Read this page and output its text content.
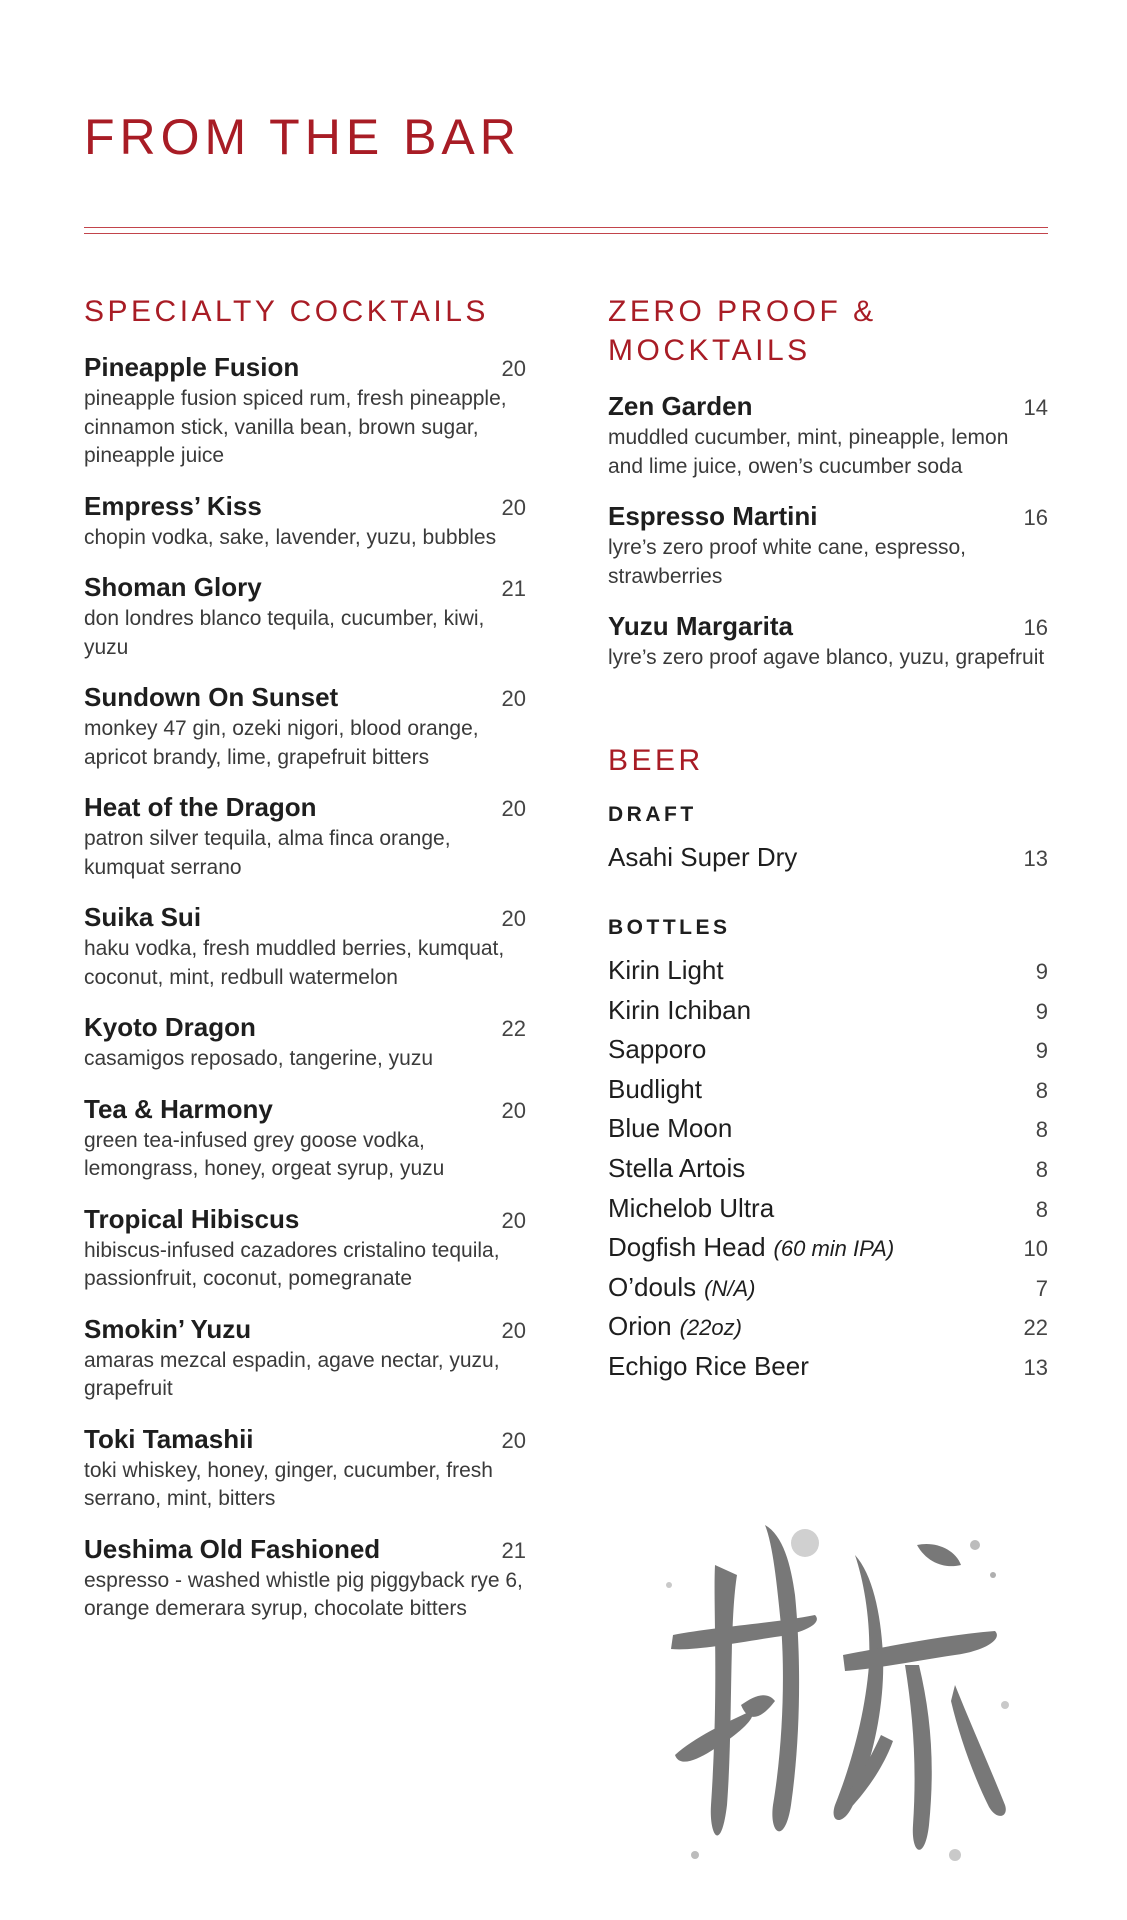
FROM THE BAR
SPECIALTY COCKTAILS
Pineapple Fusion	20
pineapple fusion spiced rum, fresh pineapple, cinnamon stick, vanilla bean, brown sugar, pineapple juice
Empress’ Kiss	20
chopin vodka, sake, lavender, yuzu, bubbles
Shoman Glory	21
don londres blanco tequila, cucumber, kiwi, yuzu
Sundown On Sunset	20
monkey 47 gin, ozeki nigori, blood orange, apricot brandy, lime, grapefruit bitters
Heat of the Dragon	20
patron silver tequila, alma finca orange, kumquat serrano
Suika Sui	20
haku vodka, fresh muddled berries, kumquat, coconut, mint, redbull watermelon
Kyoto Dragon	22
casamigos reposado, tangerine, yuzu
Tea & Harmony	20
green tea-infused grey goose vodka, lemongrass, honey, orgeat syrup, yuzu
Tropical Hibiscus	20
hibiscus-infused cazadores cristalino tequila, passionfruit, coconut, pomegranate
Smokin’ Yuzu	20
amaras mezcal espadin, agave nectar, yuzu, grapefruit
Toki Tamashii	20
toki whiskey, honey, ginger, cucumber, fresh serrano, mint, bitters
Ueshima Old Fashioned	21
espresso - washed whistle pig piggyback rye 6, orange demerara syrup, chocolate bitters
ZERO PROOF & MOCKTAILS
Zen Garden	14
muddled cucumber, mint, pineapple, lemon and lime juice, owen’s cucumber soda
Espresso Martini	16
lyre’s zero proof white cane, espresso, strawberries
Yuzu Margarita	16
lyre’s zero proof agave blanco, yuzu, grapefruit
BEER
DRAFT
Asahi Super Dry	13
BOTTLES
Kirin Light	9
Kirin Ichiban	9
Sapporo	9
Budlight	8
Blue Moon	8
Stella Artois	8
Michelob Ultra	8
Dogfish Head (60 min IPA)	10
O’douls (N/A)	7
Orion (22oz)	22
Echigo Rice Beer	13
